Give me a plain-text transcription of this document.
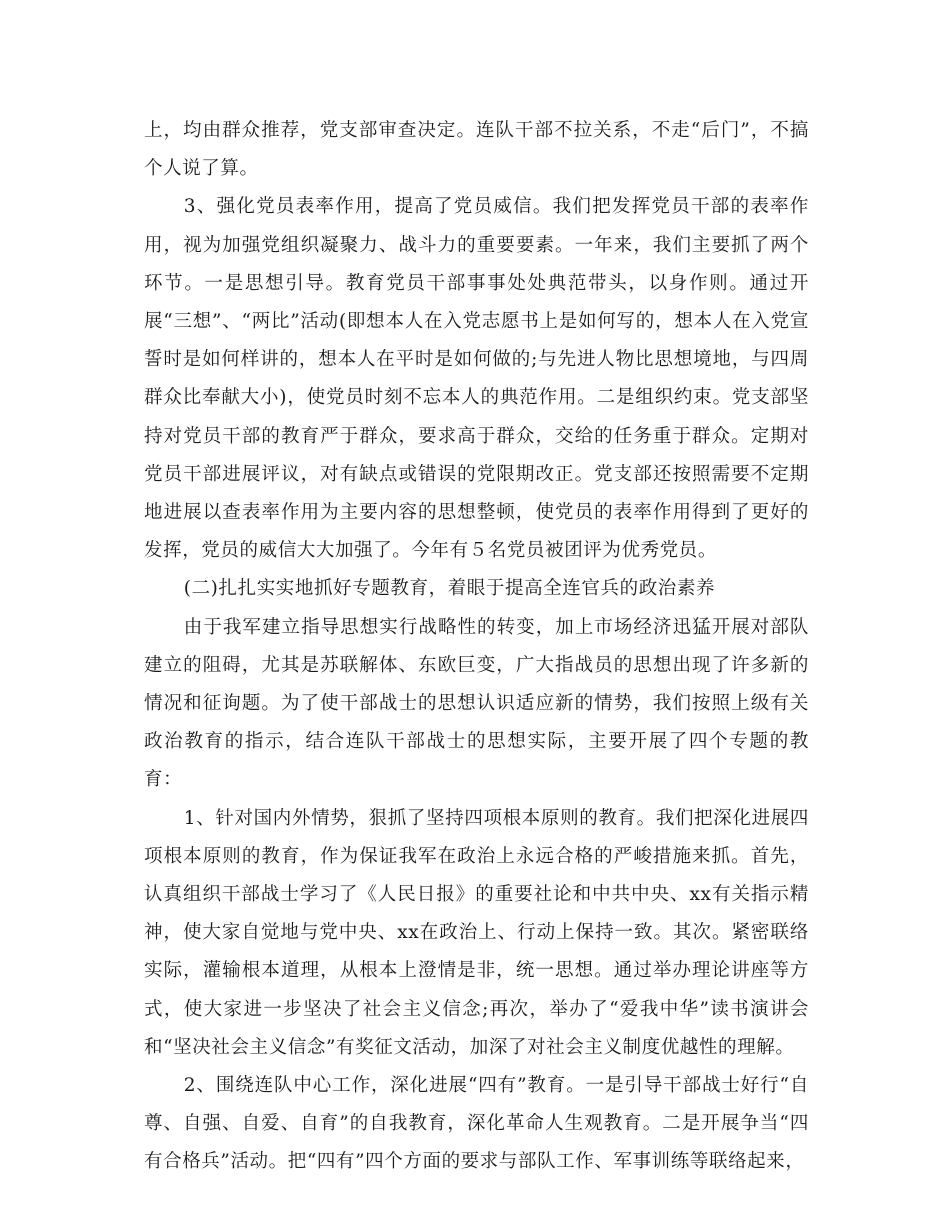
上，均由群众推荐，党支部审查决定。连队干部不拉关系，不走“后门”，不搞个人说了算。

3、强化党员表率作用，提高了党员威信。我们把发挥党员干部的表率作用，视为加强党组织凝聚力、战斗力的重要要素。一年来，我们主要抓了两个环节。一是思想引导。教育党员干部事事处处典范带头，以身作则。通过开展“三想”、“两比”活动(即想本人在入党志愿书上是如何写的，想本人在入党宣誓时是如何样讲的，想本人在平时是如何做的;与先进人物比思想境地，与四周群众比奉献大小)，使党员时刻不忘本人的典范作用。二是组织约束。党支部坚持对党员干部的教育严于群众，要求高于群众，交给的任务重于群众。定期对党员干部进展评议，对有缺点或错误的党限期改正。党支部还按照需要不定期地进展以查表率作用为主要内容的思想整顿，使党员的表率作用得到了更好的发挥，党员的威信大大加强了。今年有５名党员被团评为优秀党员。

(二)扎扎实实地抓好专题教育，着眼于提高全连官兵的政治素养

由于我军建立指导思想实行战略性的转变，加上市场经济迅猛开展对部队建立的阻碍，尤其是苏联解体、东欧巨变，广大指战员的思想出现了许多新的情况和征询题。为了使干部战士的思想认识适应新的情势，我们按照上级有关政治教育的指示，结合连队干部战士的思想实际，主要开展了四个专题的教育：

1、针对国内外情势，狠抓了坚持四项根本原则的教育。我们把深化进展四项根本原则的教育，作为保证我军在政治上永远合格的严峻措施来抓。首先，认真组织干部战士学习了《人民日报》的重要社论和中共中央、xx有关指示精神，使大家自觉地与党中央、xx在政治上、行动上保持一致。其次。紧密联络实际，灌输根本道理，从根本上澄情是非，统一思想。通过举办理论讲座等方式，使大家进一步坚决了社会主义信念;再次，举办了“爱我中华”读书演讲会和“坚决社会主义信念”有奖征文活动，加深了对社会主义制度优越性的理解。

2、围绕连队中心工作，深化进展“四有”教育。一是引导干部战士好行“自尊、自强、自爱、自育”的自我教育，深化革命人生观教育。二是开展争当“四有合格兵”活动。把“四有”四个方面的要求与部队工作、军事训练等联络起来，
